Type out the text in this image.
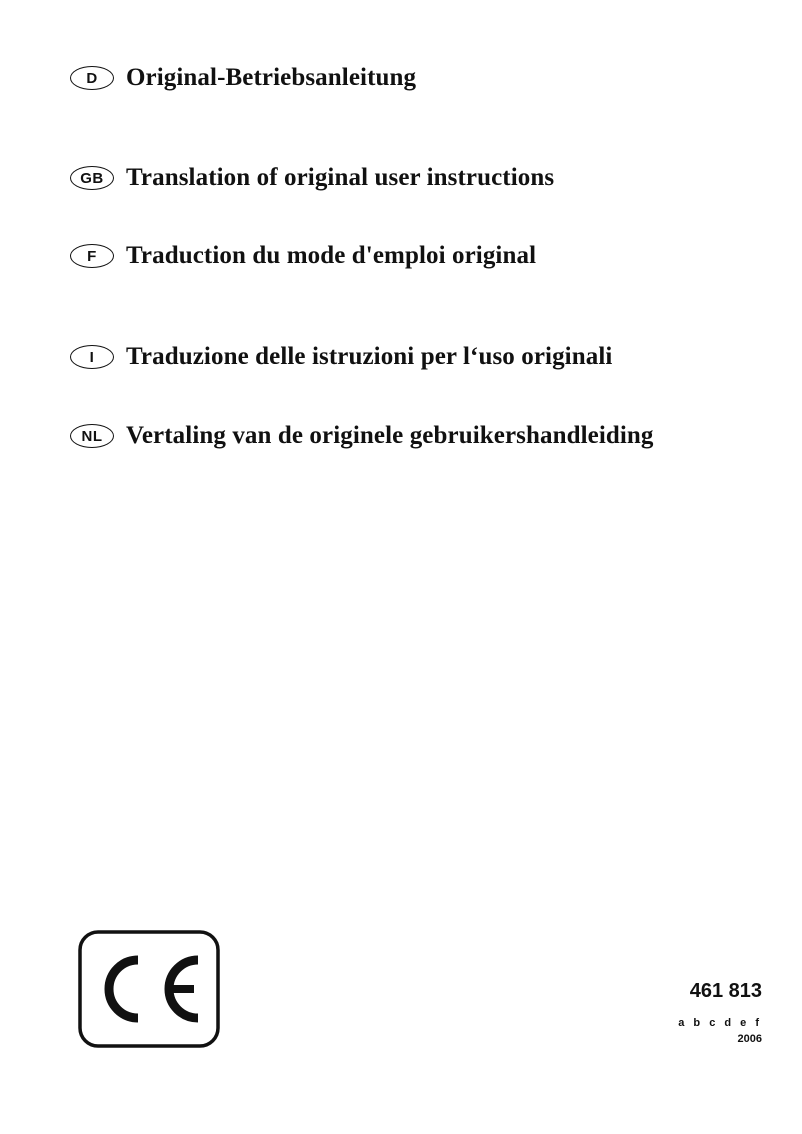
D	Original-Betriebsanleitung
GB Translation of original user instructions
F	Traduction du mode d'emploi original
I	Traduzione delle istruzioni per l‘uso originali
NL Vertaling van de originele gebruikershandleiding
461 813
a b c d e f
2006
